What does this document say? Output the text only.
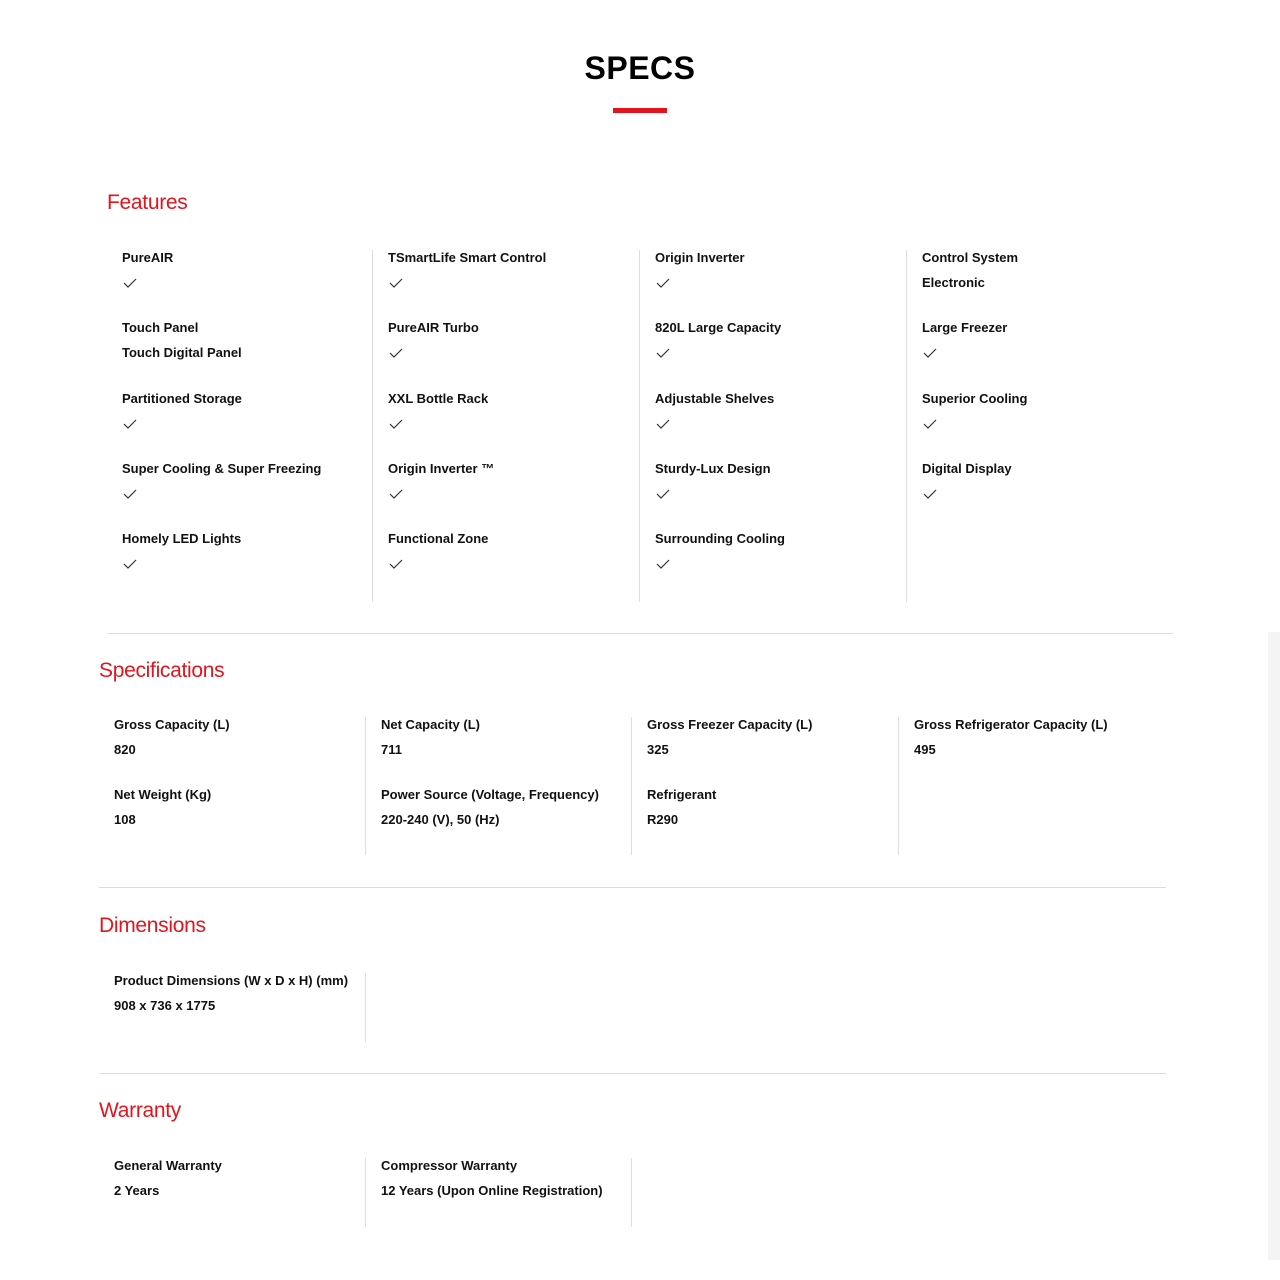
SPECS
Features
PureAIR
Touch Panel
Touch Digital Panel
Partitioned Storage
Super Cooling & Super Freezing
Homely LED Lights
TSmartLife Smart Control
PureAIR Turbo
XXL Bottle Rack
Origin Inverter ™
Functional Zone
Origin Inverter
820L Large Capacity
Adjustable Shelves
Sturdy-Lux Design
Surrounding Cooling
Control System
Electronic
Large Freezer
Superior Cooling
Digital Display
Specifications
Gross Capacity (L)
820
Net Weight (Kg)
108
Net Capacity (L)
711
Power Source (Voltage, Frequency)
220-240 (V), 50 (Hz)
Gross Freezer Capacity (L)
325
Refrigerant
R290
Gross Refrigerator Capacity (L)
495
Dimensions
Product Dimensions (W x D x H) (mm)
908 x 736 x 1775
Warranty
General Warranty
2 Years
Compressor Warranty
12 Years (Upon Online Registration)
